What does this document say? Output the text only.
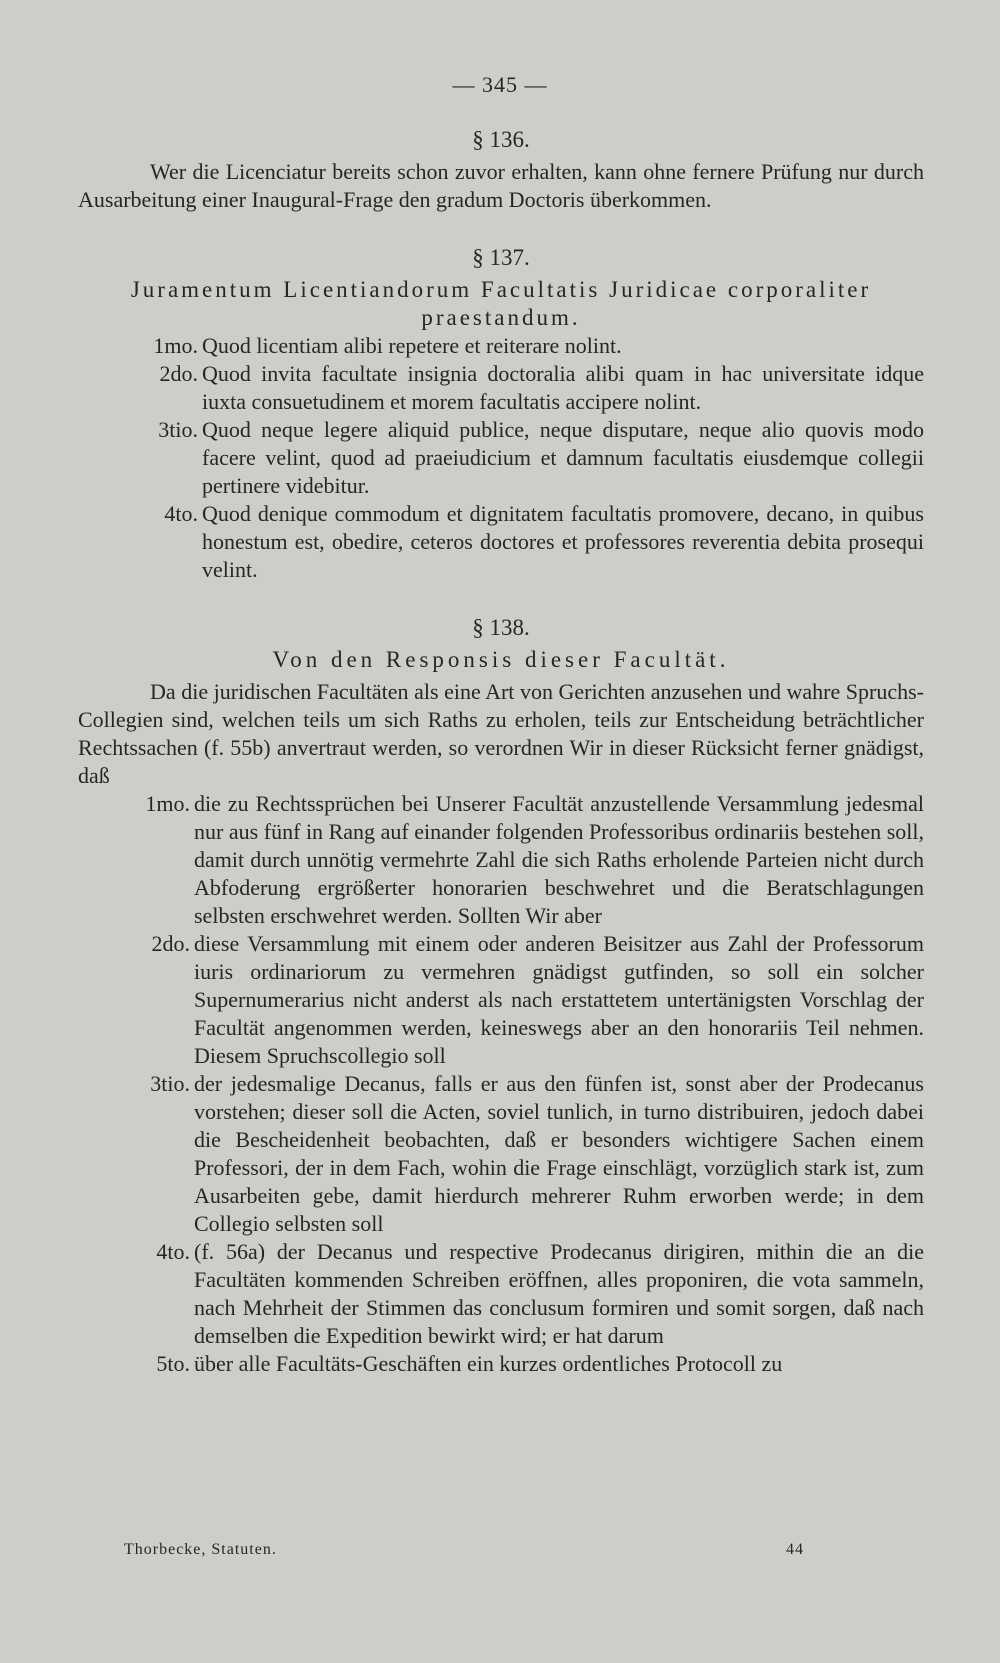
— 345 —

§ 136.

Wer die Licenciatur bereits schon zuvor erhalten, kann ohne fernere Prüfung nur durch Ausarbeitung einer Inaugural-Frage den gradum Doctoris überkommen.

§ 137.

Juramentum Licentiandorum Facultatis Juridicae corporaliter praestandum.

1mo. Quod licentiam alibi repetere et reiterare nolint.
2do. Quod invita facultate insignia doctoralia alibi quam in hac universitate idque iuxta consuetudinem et morem facultatis accipere nolint.
3tio. Quod neque legere aliquid publice, neque disputare, neque alio quovis modo facere velint, quod ad praeiudicium et damnum facultatis eiusdemque collegii pertinere videbitur.
4to. Quod denique commodum et dignitatem facultatis promovere, decano, in quibus honestum est, obedire, ceteros doctores et professores reverentia debita prosequi velint.

§ 138.

Von den Responsis dieser Facultät.

Da die juridischen Facultäten als eine Art von Gerichten anzusehen und wahre Spruchs-Collegien sind, welchen teils um sich Raths zu erholen, teils zur Entscheidung beträchtlicher Rechtssachen (f. 55b) anvertraut werden, so verordnen Wir in dieser Rücksicht ferner gnädigst, daß

1mo. die zu Rechtssprüchen bei Unserer Facultät anzustellende Versammlung jedesmal nur aus fünf in Rang auf einander folgenden Professoribus ordinariis bestehen soll, damit durch unnötig vermehrte Zahl die sich Raths erholende Parteien nicht durch Abfoderung ergrößerter honorarien beschwehret und die Beratschlagungen selbsten erschwehret werden. Sollten Wir aber
2do. diese Versammlung mit einem oder anderen Beisitzer aus Zahl der Professorum iuris ordinariorum zu vermehren gnädigst gutfinden, so soll ein solcher Supernumerarius nicht anderst als nach erstattetem untertänigsten Vorschlag der Facultät angenommen werden, keineswegs aber an den honorariis Teil nehmen. Diesem Spruchscollegio soll
3tio. der jedesmalige Decanus, falls er aus den fünfen ist, sonst aber der Prodecanus vorstehen; dieser soll die Acten, soviel tunlich, in turno distribuiren, jedoch dabei die Bescheidenheit beobachten, daß er besonders wichtigere Sachen einem Professori, der in dem Fach, wohin die Frage einschlägt, vorzüglich stark ist, zum Ausarbeiten gebe, damit hierdurch mehrerer Ruhm erworben werde; in dem Collegio selbsten soll
4to. (f. 56a) der Decanus und respective Prodecanus dirigiren, mithin die an die Facultäten kommenden Schreiben eröffnen, alles proponiren, die vota sammeln, nach Mehrheit der Stimmen das conclusum formiren und somit sorgen, daß nach demselben die Expedition bewirkt wird; er hat darum
5to. über alle Facultäts-Geschäften ein kurzes ordentliches Protocoll zu
Thorbecke, Statuten.	44
